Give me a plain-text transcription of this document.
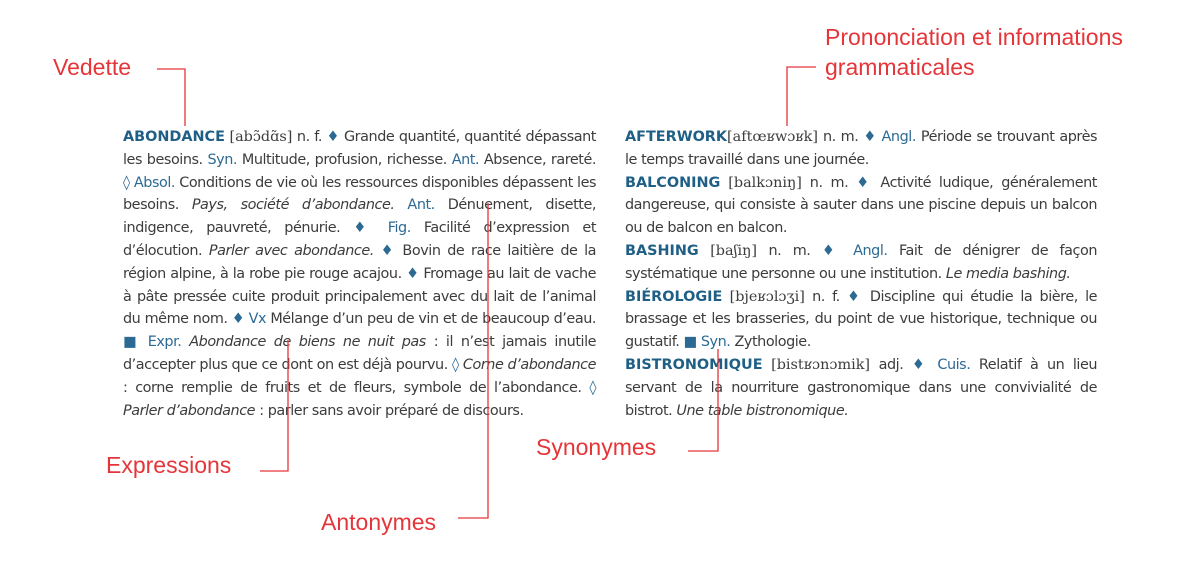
Vedette
Prononciation et informations
grammaticales
Expressions
Antonymes
Synonymes

ABONDANCE [abɔ̃dɑ̃s] n. f. ♦ Grande quantité, quantité dépassant les besoins. Syn. Multitude, profusion, richesse. Ant. Absence, rareté. ◊ Absol. Conditions de vie où les ressources disponibles dépassent les besoins. Pays, société d’abondance. Ant. Dénuement, disette, indigence, pauvreté, pénurie. ♦ Fig. Facilité d’expression et d’élocution. Parler avec abondance. ♦ Bovin de race laitière de la région alpine, à la robe pie rouge acajou. ♦ Fromage au lait de vache à pâte pressée cuite produit principalement avec du lait de l’animal du même nom. ♦ Vx Mélange d’un peu de vin et de beaucoup d’eau. ■ Expr. Abondance de biens ne nuit pas : il n’est jamais inutile d’accepter plus que ce dont on est déjà pourvu. ◊ Corne d’abondance : corne remplie de fruits et de fleurs, symbole de l’abondance. ◊ Parler d’abondance : parler sans avoir préparé de discours.

AFTERWORK[aftœʁwɔʁk] n. m. ♦ Angl. Période se trouvant après le temps travaillé dans une journée.

BALCONING [balkɔniŋ] n. m. ♦ Activité ludique, généralement dangereuse, qui consiste à sauter dans une piscine depuis un balcon ou de balcon en balcon.

BASHING [baʃiŋ] n. m. ♦ Angl. Fait de dénigrer de façon systématique une personne ou une institution. Le media bashing.

BIÉROLOGIE [bjeʁɔlɔʒi] n. f. ♦ Discipline qui étudie la bière, le brassage et les brasseries, du point de vue historique, technique ou gustatif. ■ Syn. Zythologie.

BISTRONOMIQUE [bistʁɔnɔmik] adj. ♦ Cuis. Relatif à un lieu servant de la nourriture gastronomique dans une convivialité de bistrot. Une table bistronomique.
